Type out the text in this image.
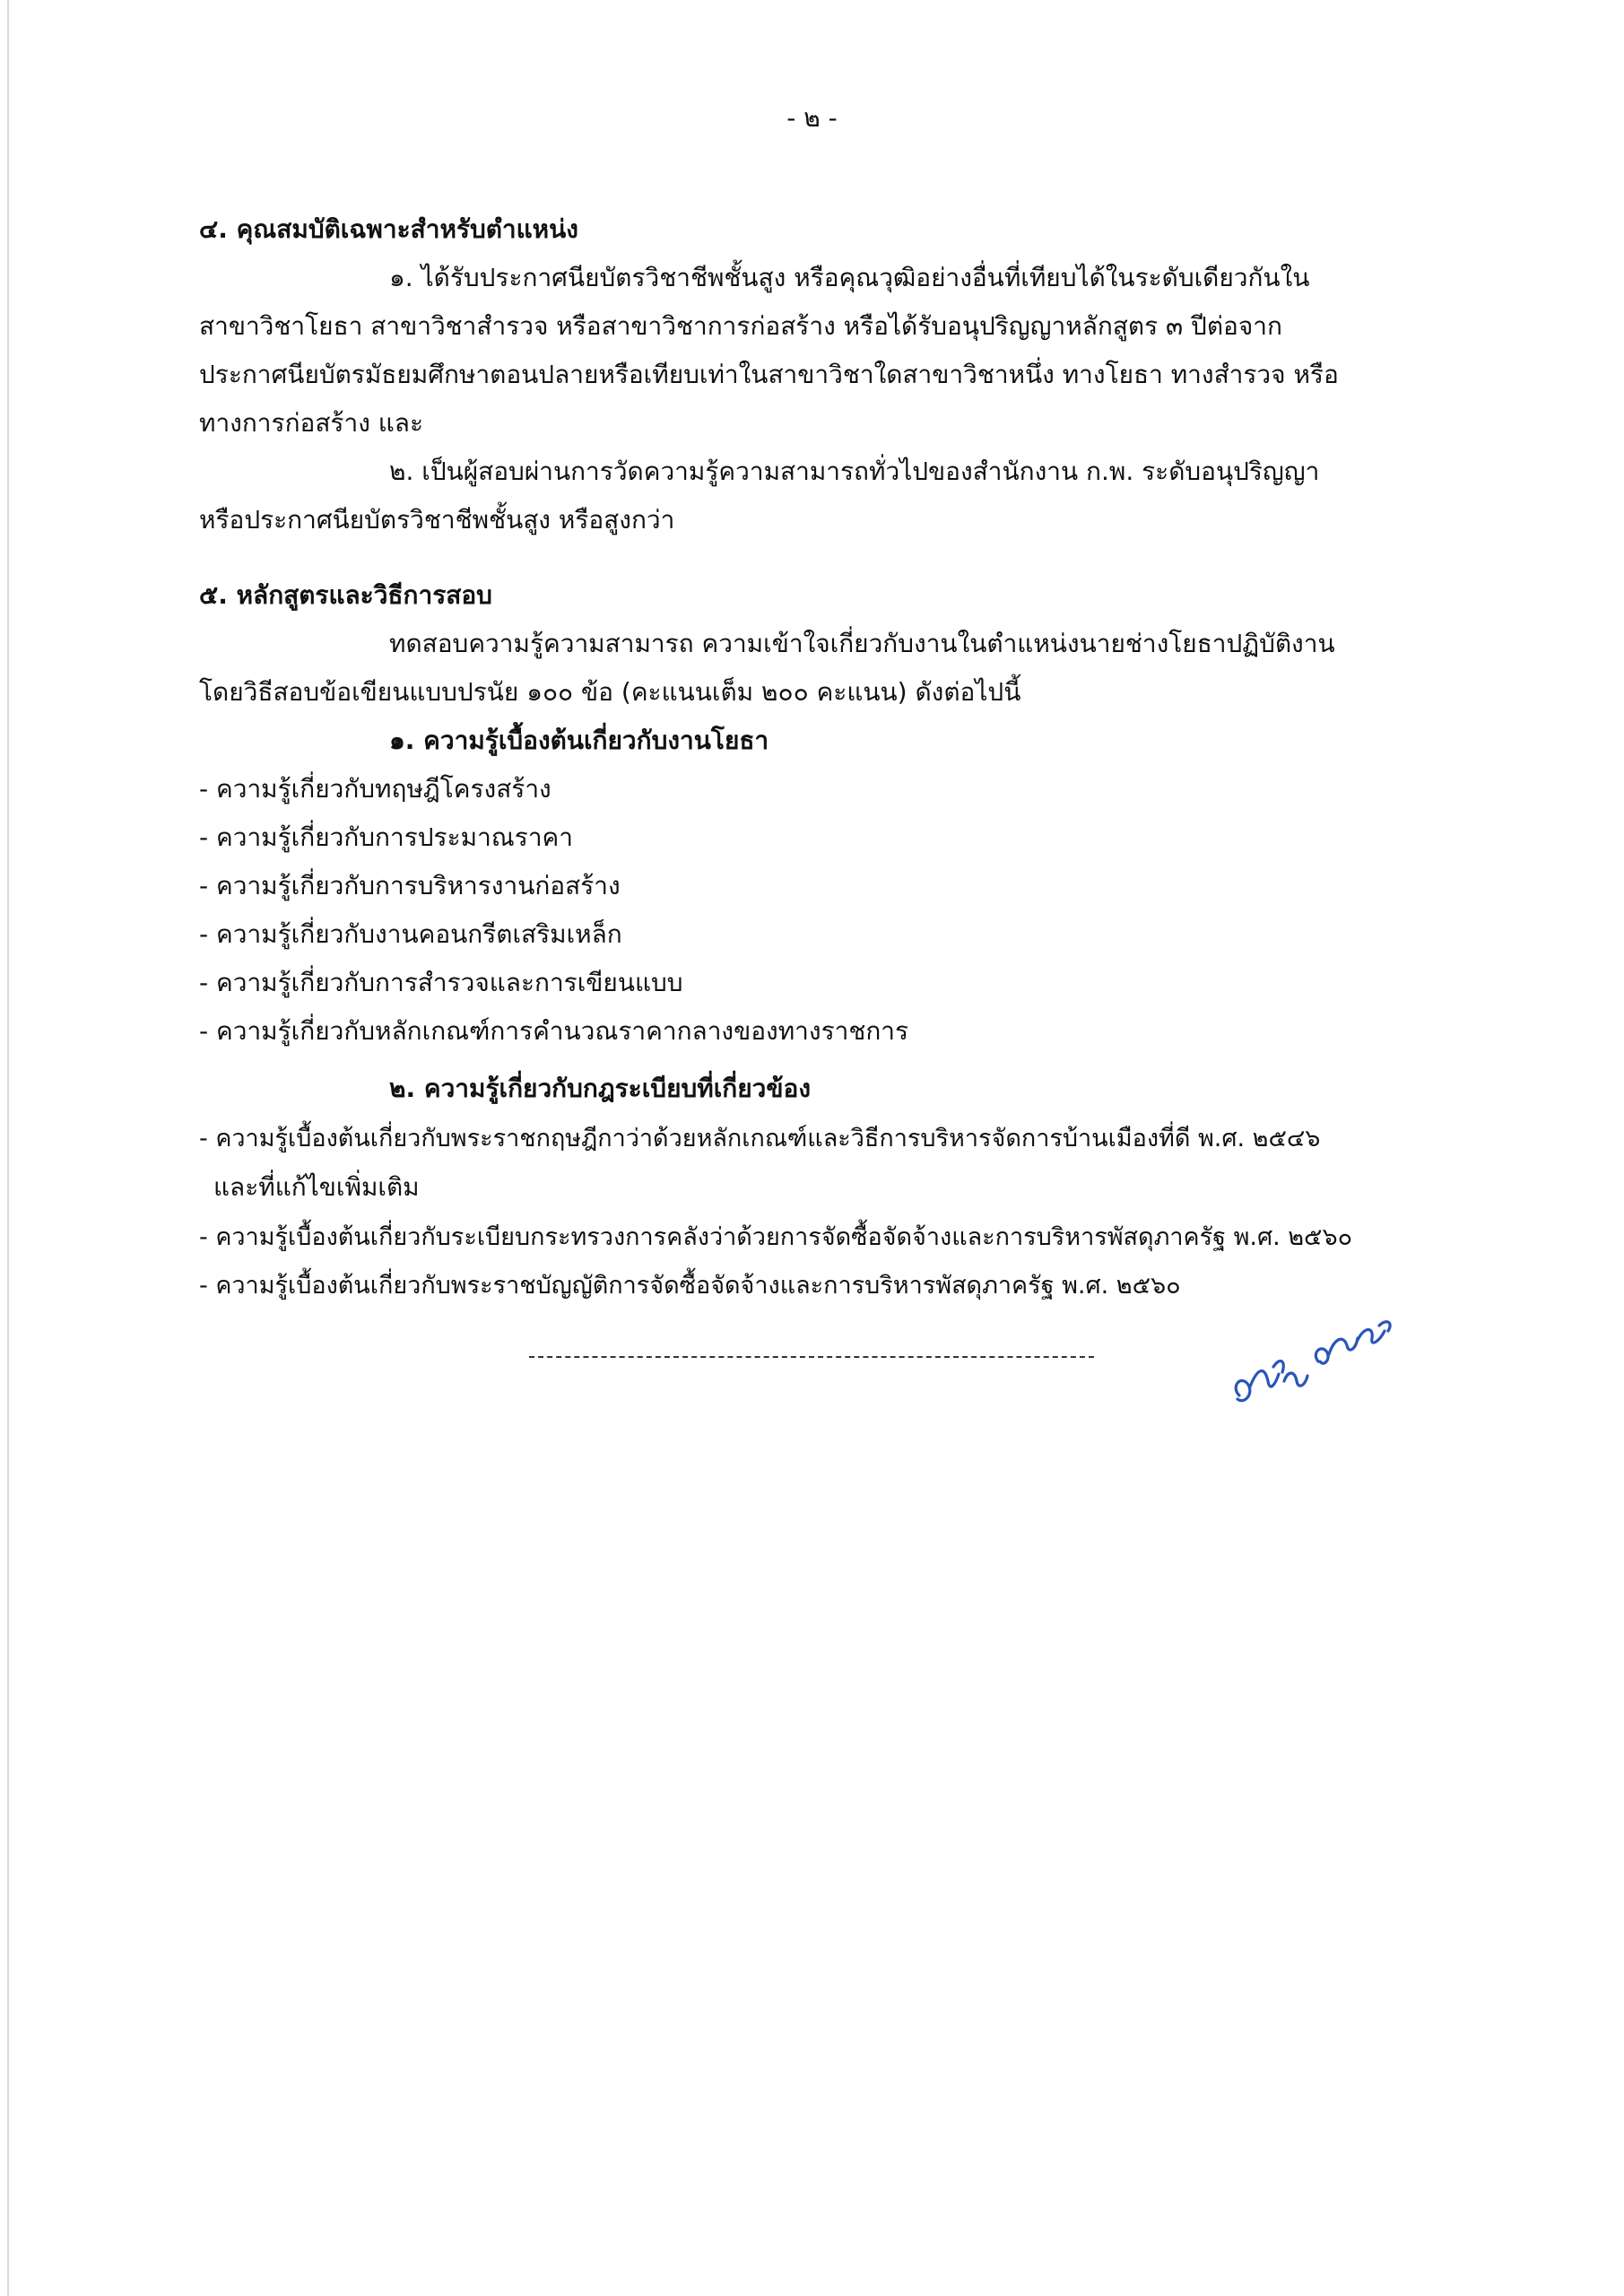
- ๒ -
๔. คุณสมบัติเฉพาะสำหรับตำแหน่ง
๑. ได้รับประกาศนียบัตรวิชาชีพชั้นสูง หรือคุณวุฒิอย่างอื่นที่เทียบได้ในระดับเดียวกันใน
สาขาวิชาโยธา สาขาวิชาสำรวจ หรือสาขาวิชาการก่อสร้าง หรือได้รับอนุปริญญาหลักสูตร ๓ ปีต่อจาก
ประกาศนียบัตรมัธยมศึกษาตอนปลายหรือเทียบเท่าในสาขาวิชาใดสาขาวิชาหนึ่ง ทางโยธา ทางสำรวจ หรือ
ทางการก่อสร้าง และ
๒. เป็นผู้สอบผ่านการวัดความรู้ความสามารถทั่วไปของสำนักงาน ก.พ. ระดับอนุปริญญา
หรือประกาศนียบัตรวิชาชีพชั้นสูง หรือสูงกว่า
๕. หลักสูตรและวิธีการสอบ
ทดสอบความรู้ความสามารถ ความเข้าใจเกี่ยวกับงานในตำแหน่งนายช่างโยธาปฏิบัติงาน
โดยวิธีสอบข้อเขียนแบบปรนัย ๑๐๐ ข้อ (คะแนนเต็ม ๒๐๐ คะแนน) ดังต่อไปนี้
๑. ความรู้เบื้องต้นเกี่ยวกับงานโยธา
- ความรู้เกี่ยวกับทฤษฎีโครงสร้าง
- ความรู้เกี่ยวกับการประมาณราคา
- ความรู้เกี่ยวกับการบริหารงานก่อสร้าง
- ความรู้เกี่ยวกับงานคอนกรีตเสริมเหล็ก
- ความรู้เกี่ยวกับการสำรวจและการเขียนแบบ
- ความรู้เกี่ยวกับหลักเกณฑ์การคำนวณราคากลางของทางราชการ
๒. ความรู้เกี่ยวกับกฎระเบียบที่เกี่ยวข้อง
- ความรู้เบื้องต้นเกี่ยวกับพระราชกฤษฎีกาว่าด้วยหลักเกณฑ์และวิธีการบริหารจัดการบ้านเมืองที่ดี พ.ศ. ๒๕๔๖
และที่แก้ไขเพิ่มเติม
- ความรู้เบื้องต้นเกี่ยวกับระเบียบกระทรวงการคลังว่าด้วยการจัดซื้อจัดจ้างและการบริหารพัสดุภาครัฐ พ.ศ. ๒๕๖๐
- ความรู้เบื้องต้นเกี่ยวกับพระราชบัญญัติการจัดซื้อจัดจ้างและการบริหารพัสดุภาครัฐ พ.ศ. ๒๕๖๐
